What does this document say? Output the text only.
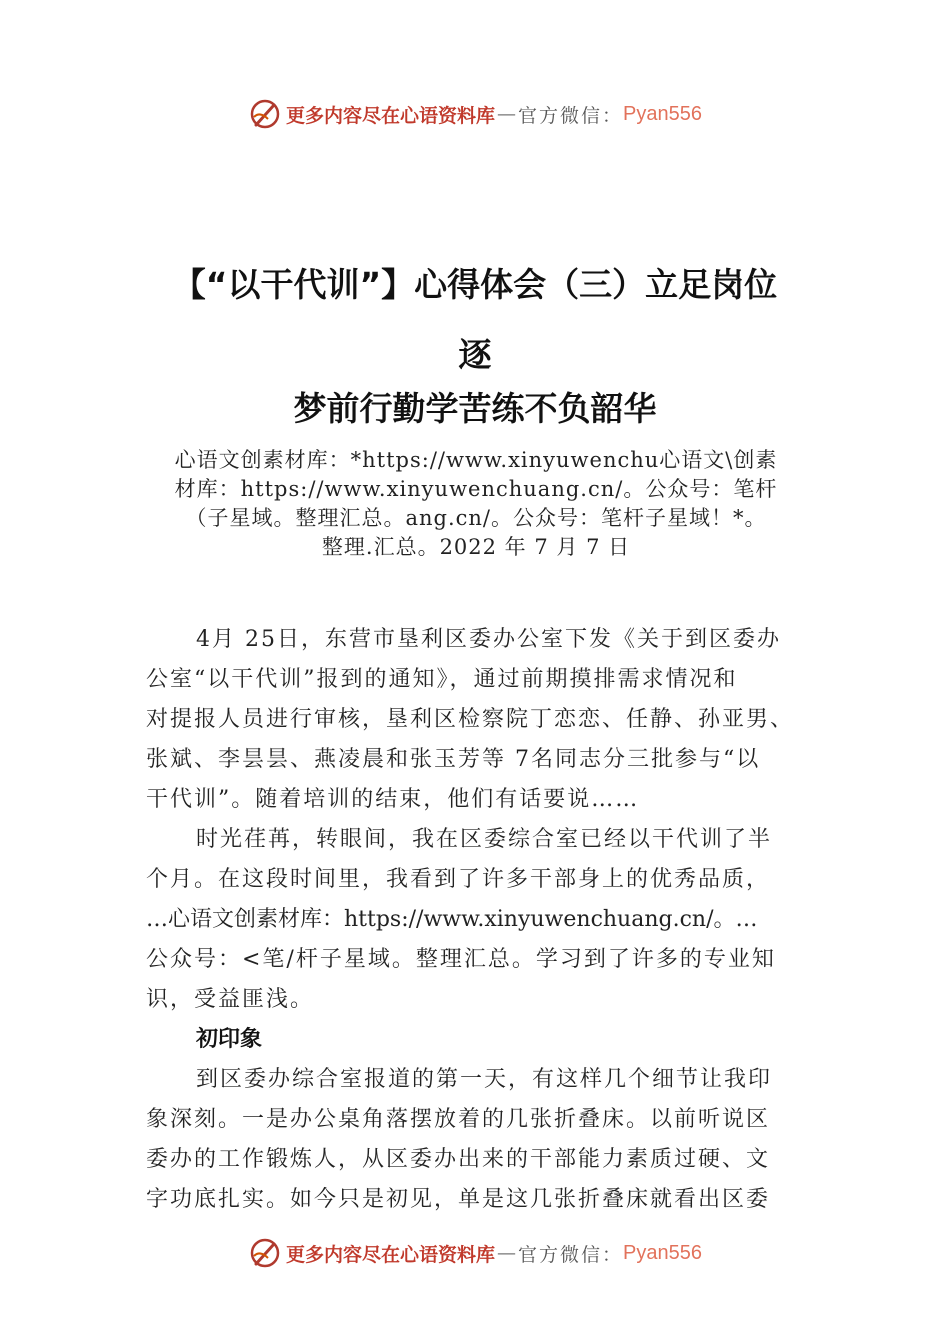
更多内容尽在心语资料库 — 官方微信： Pyan556
【“以干代训”】心得体会（三）立足岗位
逐
梦前行勤学苦练不负韶华
心语文创素材库：*https://www.xinyuwenchu心语文\创素
材库：https://www.xinyuwenchuang.cn/。公众号：笔杆
（子星域。整理汇总。ang.cn/。公众号：笔杆子星域！*。
整理.汇总。2022 年 7 月 7 日
4月 25日，东营市垦利区委办公室下发《关于到区委办
公室“以干代训”报到的通知》，通过前期摸排需求情况和
对提报人员进行审核，垦利区检察院丁恋恋、任静、孙亚男、
张斌、李昙昙、燕凌晨和张玉芳等 7名同志分三批参与“以
干代训”。随着培训的结束，他们有话要说……
时光荏苒，转眼间，我在区委综合室已经以干代训了半
个月。在这段时间里，我看到了许多干部身上的优秀品质，
…心语文创素材库：https://www.xinyuwenchuang.cn/。…
公众号：<笔/杆子星域。整理汇总。学习到了许多的专业知
识，受益匪浅。
初印象
到区委办综合室报道的第一天，有这样几个细节让我印
象深刻。一是办公桌角落摆放着的几张折叠床。以前听说区
委办的工作锻炼人，从区委办出来的干部能力素质过硬、文
字功底扎实。如今只是初见，单是这几张折叠床就看出区委
更多内容尽在心语资料库 — 官方微信： Pyan556
